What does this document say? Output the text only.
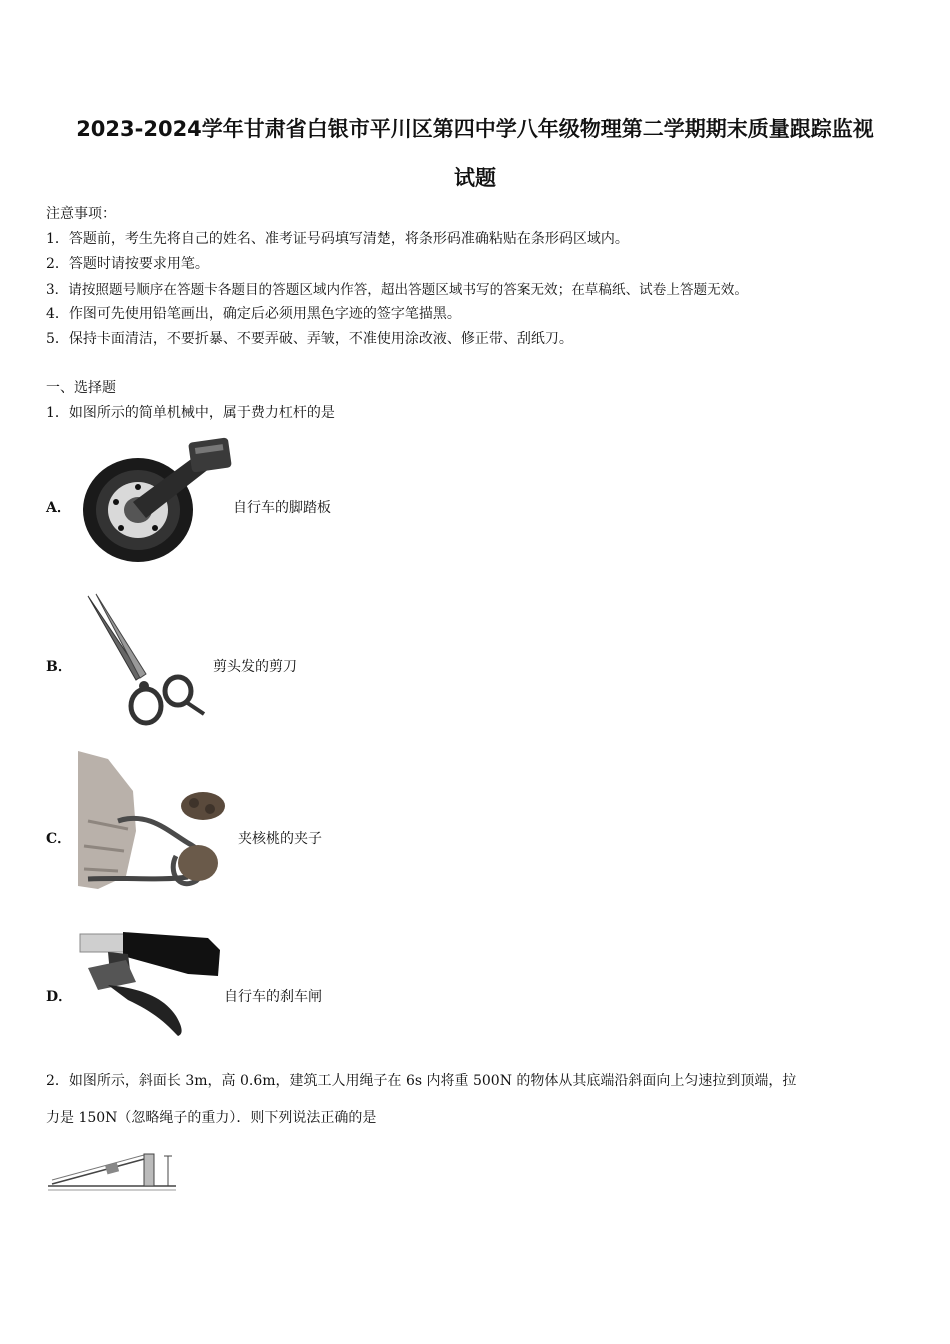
2023-2024学年甘肃省白银市平川区第四中学八年级物理第二学期期末质量跟踪监视
试题
注意事项：
1．答题前，考生先将自己的姓名、准考证号码填写清楚，将条形码准确粘贴在条形码区域内。
2．答题时请按要求用笔。
3．请按照题号顺序在答题卡各题目的答题区域内作答，超出答题区域书写的答案无效；在草稿纸、试卷上答题无效。
4．作图可先使用铅笔画出，确定后必须用黑色字迹的签字笔描黑。
5．保持卡面清洁，不要折暴、不要弄破、弄皱，不准使用涂改液、修正带、刮纸刀。
一、选择题
1．如图所示的简单机械中，属于费力杠杆的是
A．	自行车的脚踏板
B．	剪头发的剪刀
C．	夹核桃的夹子
D．	自行车的刹车闸
2．如图所示，斜面长 3m，高 0.6m，建筑工人用绳子在 6s 内将重 500N 的物体从其底端沿斜面向上匀速拉到顶端，拉
力是 150N（忽略绳子的重力）．则下列说法正确的是
